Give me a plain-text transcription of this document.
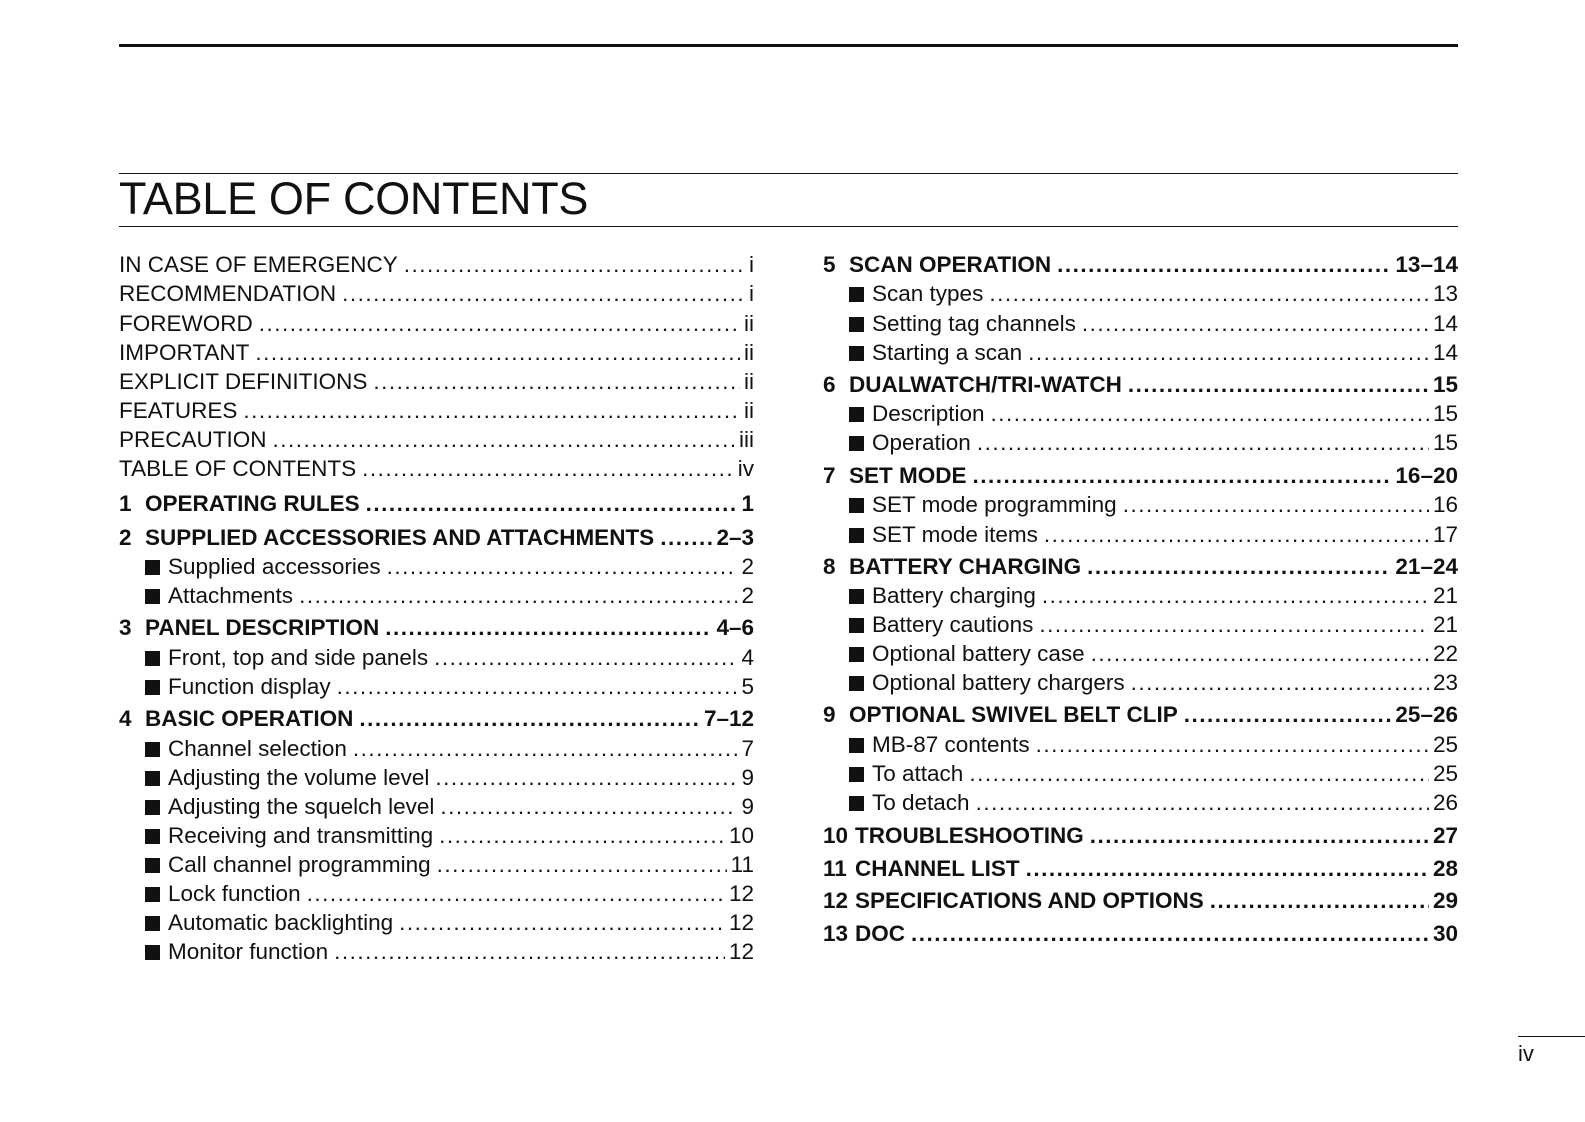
TABLE OF CONTENTS
IN CASE OF EMERGENCY .....	i
RECOMMENDATION .....	i
FOREWORD .....	ii
IMPORTANT .....	ii
EXPLICIT DEFINITIONS .....	ii
FEATURES .....	ii
PRECAUTION .....	iii
TABLE OF CONTENTS .....	iv
1 OPERATING RULES .....	1
2 SUPPLIED ACCESSORIES AND ATTACHMENTS .....	2–3
Supplied accessories .....	2
Attachments .....	2
3 PANEL DESCRIPTION .....	4–6
Front, top and side panels .....	4
Function display .....	5
4 BASIC OPERATION .....	7–12
Channel selection .....	7
Adjusting the volume level .....	9
Adjusting the squelch level .....	9
Receiving and transmitting .....	10
Call channel programming .....	11
Lock function .....	12
Automatic backlighting .....	12
Monitor function .....	12
5 SCAN OPERATION .....	13–14
Scan types .....	13
Setting tag channels .....	14
Starting a scan .....	14
6 DUALWATCH/TRI-WATCH .....	15
Description .....	15
Operation .....	15
7 SET MODE .....	16–20
SET mode programming .....	16
SET mode items .....	17
8 BATTERY CHARGING .....	21–24
Battery charging .....	21
Battery cautions .....	21
Optional battery case .....	22
Optional battery chargers .....	23
9 OPTIONAL SWIVEL BELT CLIP .....	25–26
MB-87 contents .....	25
To attach .....	25
To detach .....	26
10 TROUBLESHOOTING .....	27
11 CHANNEL LIST .....	28
12 SPECIFICATIONS AND OPTIONS .....	29
13 DOC .....	30
iv
